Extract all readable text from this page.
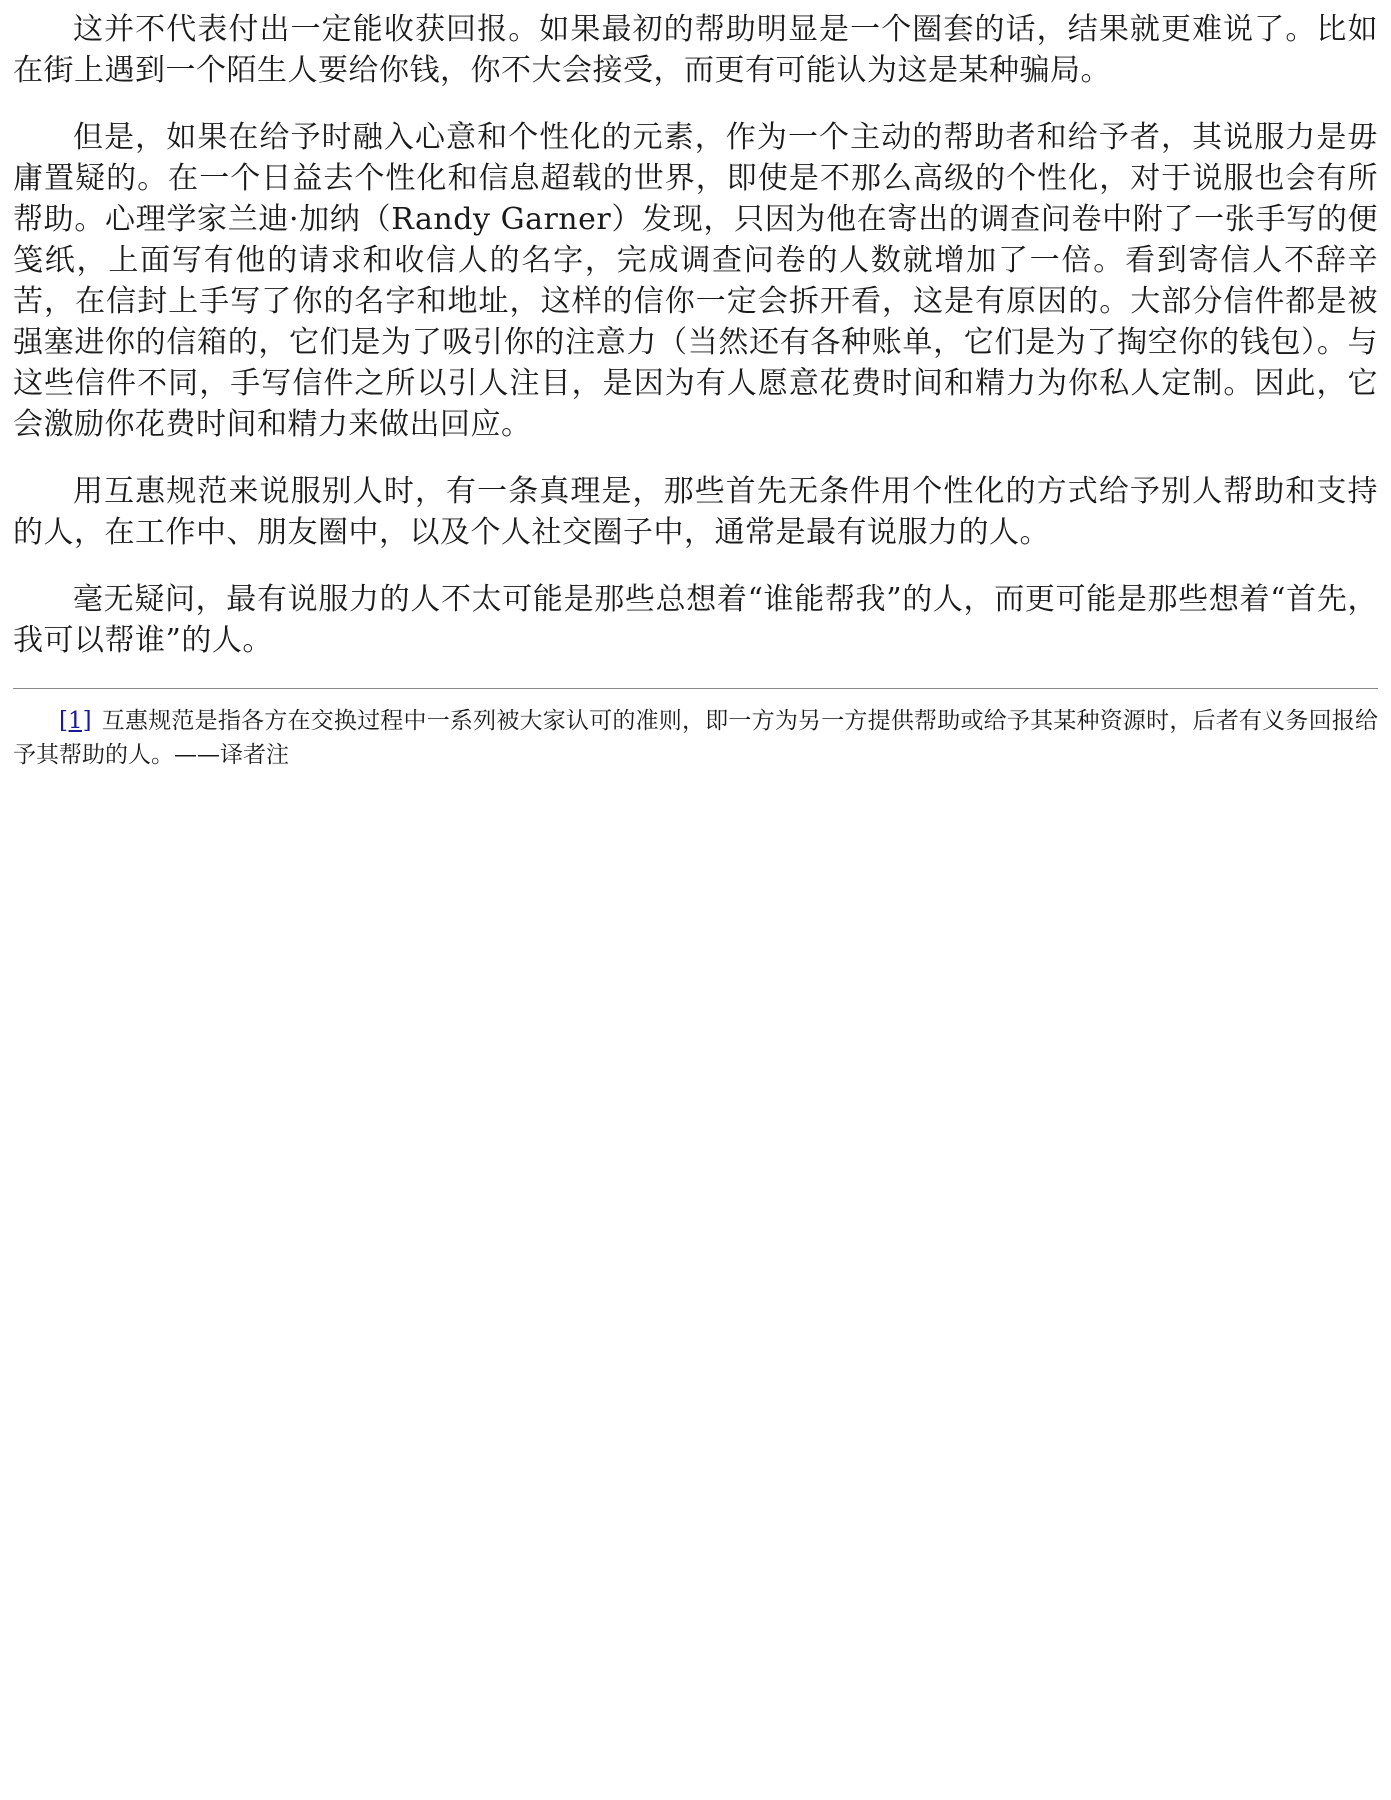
这并不代表付出一定能收获回报。如果最初的帮助明显是一个圈套的话，结果就更难说了。比如在街上遇到一个陌生人要给你钱，你不大会接受，而更有可能认为这是某种骗局。

但是，如果在给予时融入心意和个性化的元素，作为一个主动的帮助者和给予者，其说服力是毋庸置疑的。在一个日益去个性化和信息超载的世界，即使是不那么高级的个性化，对于说服也会有所帮助。心理学家兰迪·加纳（Randy Garner）发现，只因为他在寄出的调查问卷中附了一张手写的便笺纸，上面写有他的请求和收信人的名字，完成调查问卷的人数就增加了一倍。看到寄信人不辞辛苦，在信封上手写了你的名字和地址，这样的信你一定会拆开看，这是有原因的。大部分信件都是被强塞进你的信箱的，它们是为了吸引你的注意力（当然还有各种账单，它们是为了掏空你的钱包）。与这些信件不同，手写信件之所以引人注目，是因为有人愿意花费时间和精力为你私人定制。因此，它会激励你花费时间和精力来做出回应。

用互惠规范来说服别人时，有一条真理是，那些首先无条件用个性化的方式给予别人帮助和支持的人，在工作中、朋友圈中，以及个人社交圈子中，通常是最有说服力的人。

毫无疑问，最有说服力的人不太可能是那些总想着“谁能帮我”的人，而更可能是那些想着“首先，我可以帮谁”的人。

[1] 互惠规范是指各方在交换过程中一系列被大家认可的准则，即一方为另一方提供帮助或给予其某种资源时，后者有义务回报给予其帮助的人。——译者注
